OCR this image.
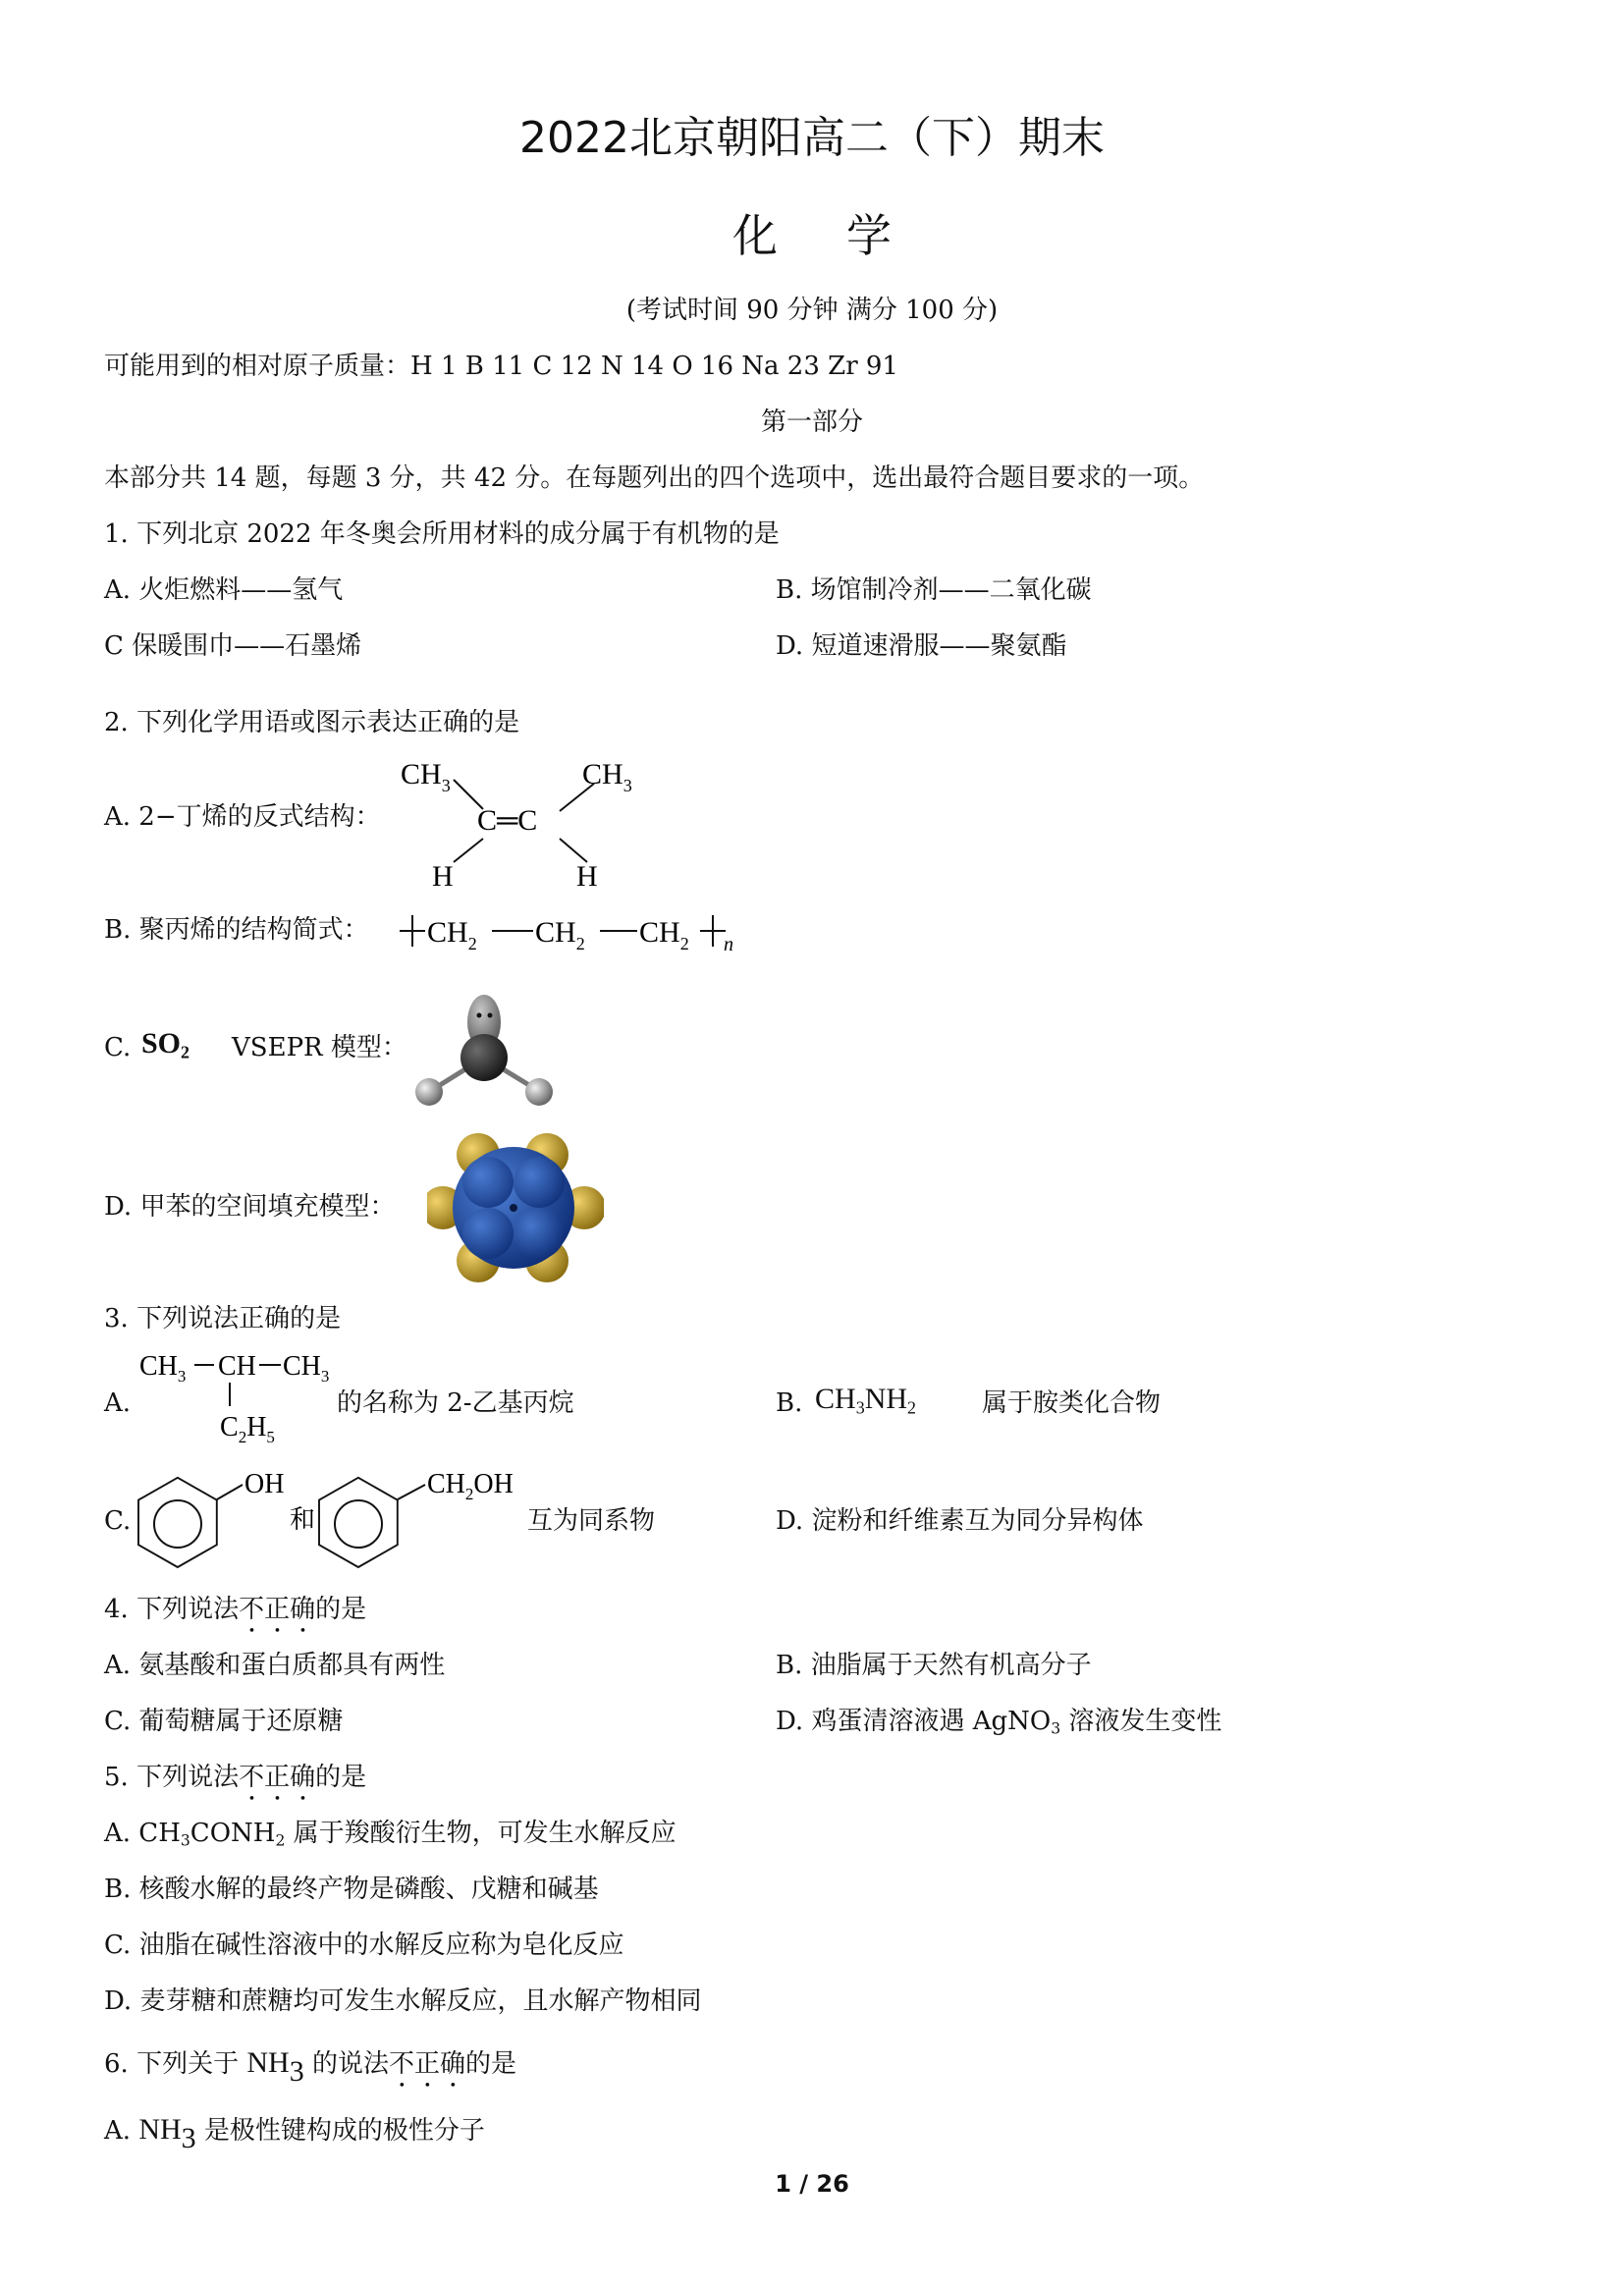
2022北京朝阳高二（下）期末
化学
(考试时间 90 分钟 满分 100 分)
可能用到的相对原子质量：H 1 B 11 C 12 N 14 O 16 Na 23 Zr 91
第一部分
本部分共 14 题，每题 3 分，共 42 分。在每题列出的四个选项中，选出最符合题目要求的一项。
1. 下列北京 2022 年冬奥会所用材料的成分属于有机物的是
A. 火炬燃料——氢气	B. 场馆制冷剂——二氧化碳
C 保暖围巾——石墨烯	D. 短道速滑服——聚氨酯
2. 下列化学用语或图示表达正确的是
A. 2−丁烯的反式结构：
$CH_3$	$CH_3$
C═C
H	H
B. 聚丙烯的结构简式： $CH_2$ $CH_2$ $CH_2$ n
C. $SO_2$ VSEPR 模型：
D. 甲苯的空间填充模型：
3. 下列说法正确的是
A.
$CH_3$ CH $CH_3$
$C_2H_5$
的名称为 2-乙基丙烷	B. $CH_3NH_2$	属于胺类化合物
C.
OH
和
$CH_2OH$
互为同系物	D. 淀粉和纤维素互为同分异构体
4. 下列说法不正确的是
A. 氨基酸和蛋白质都具有两性	B. 油脂属于天然有机高分子
C. 葡萄糖属于还原糖	D. 鸡蛋清溶液遇 AgNO$_3$ 溶液发生变性
5. 下列说法不正确的是
A. $CH_3CONH_2$ 属于羧酸衍生物，可发生水解反应
B. 核酸水解的最终产物是磷酸、戊糖和碱基
C. 油脂在碱性溶液中的水解反应称为皂化反应
D. 麦芽糖和蔗糖均可发生水解反应，且水解产物相同
6. 下列关于 $NH_3$ 的说法不正确的是
A. $NH_3$ 是极性键构成的极性分子
1 / 26
